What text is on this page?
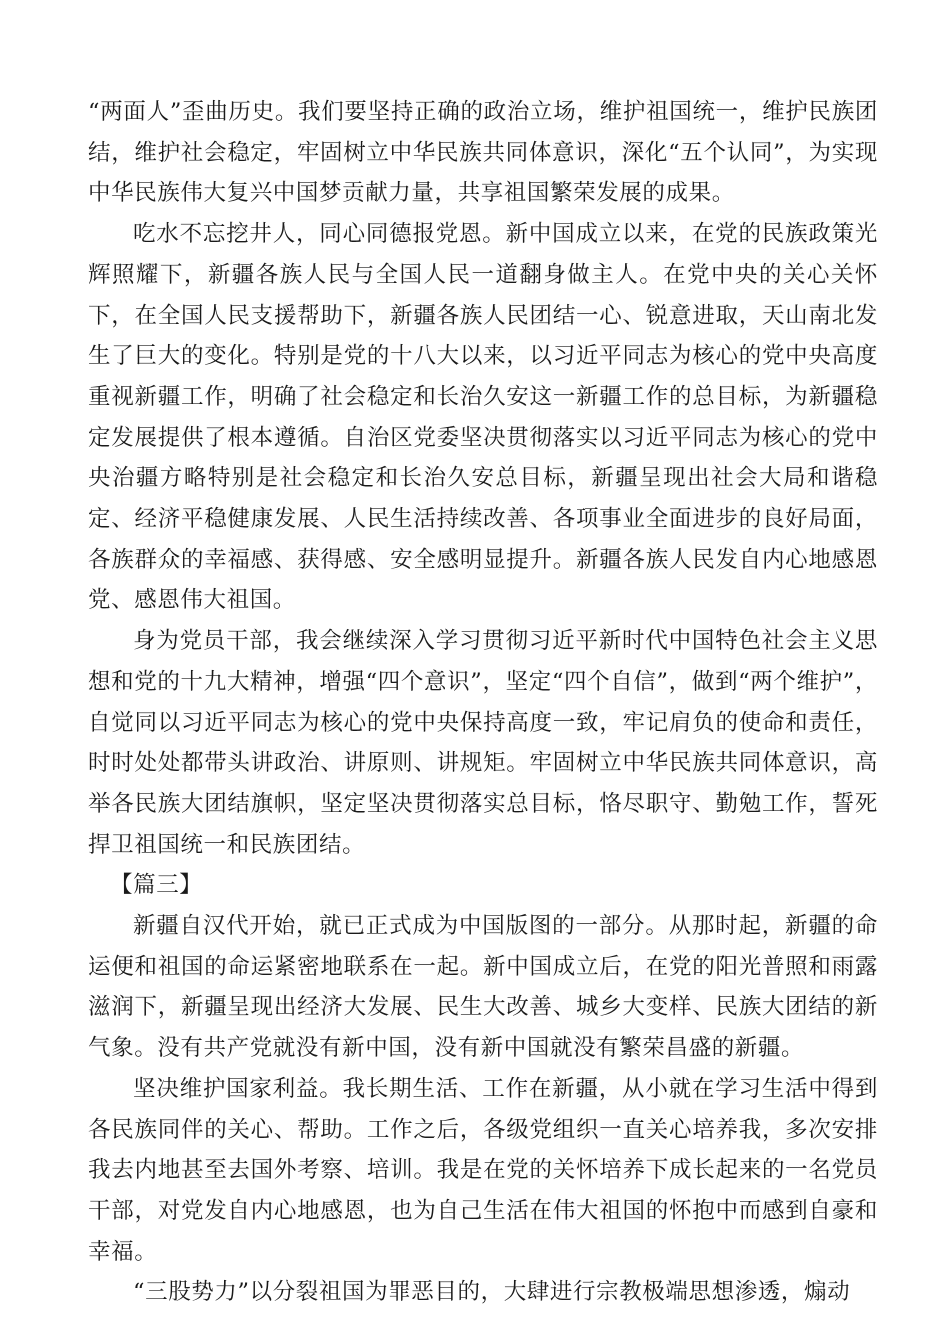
“两面人”歪曲历史。我们要坚持正确的政治立场，维护祖国统一，维护民族团结，维护社会稳定，牢固树立中华民族共同体意识，深化“五个认同”，为实现中华民族伟大复兴中国梦贡献力量，共享祖国繁荣发展的成果。

吃水不忘挖井人，同心同德报党恩。新中国成立以来，在党的民族政策光辉照耀下，新疆各族人民与全国人民一道翻身做主人。在党中央的关心关怀下，在全国人民支援帮助下，新疆各族人民团结一心、锐意进取，天山南北发生了巨大的变化。特别是党的十八大以来，以习近平同志为核心的党中央高度重视新疆工作，明确了社会稳定和长治久安这一新疆工作的总目标，为新疆稳定发展提供了根本遵循。自治区党委坚决贯彻落实以习近平同志为核心的党中央治疆方略特别是社会稳定和长治久安总目标，新疆呈现出社会大局和谐稳定、经济平稳健康发展、人民生活持续改善、各项事业全面进步的良好局面，各族群众的幸福感、获得感、安全感明显提升。新疆各族人民发自内心地感恩党、感恩伟大祖国。

身为党员干部，我会继续深入学习贯彻习近平新时代中国特色社会主义思想和党的十九大精神，增强“四个意识”，坚定“四个自信”，做到“两个维护”，自觉同以习近平同志为核心的党中央保持高度一致，牢记肩负的使命和责任，时时处处都带头讲政治、讲原则、讲规矩。牢固树立中华民族共同体意识，高举各民族大团结旗帜，坚定坚决贯彻落实总目标，恪尽职守、勤勉工作，誓死捍卫祖国统一和民族团结。

【篇三】

新疆自汉代开始，就已正式成为中国版图的一部分。从那时起，新疆的命运便和祖国的命运紧密地联系在一起。新中国成立后，在党的阳光普照和雨露滋润下，新疆呈现出经济大发展、民生大改善、城乡大变样、民族大团结的新气象。没有共产党就没有新中国，没有新中国就没有繁荣昌盛的新疆。

坚决维护国家利益。我长期生活、工作在新疆，从小就在学习生活中得到各民族同伴的关心、帮助。工作之后，各级党组织一直关心培养我，多次安排我去内地甚至去国外考察、培训。我是在党的关怀培养下成长起来的一名党员干部，对党发自内心地感恩，也为自己生活在伟大祖国的怀抱中而感到自豪和幸福。

“三股势力”以分裂祖国为罪恶目的，大肆进行宗教极端思想渗透，煽动
